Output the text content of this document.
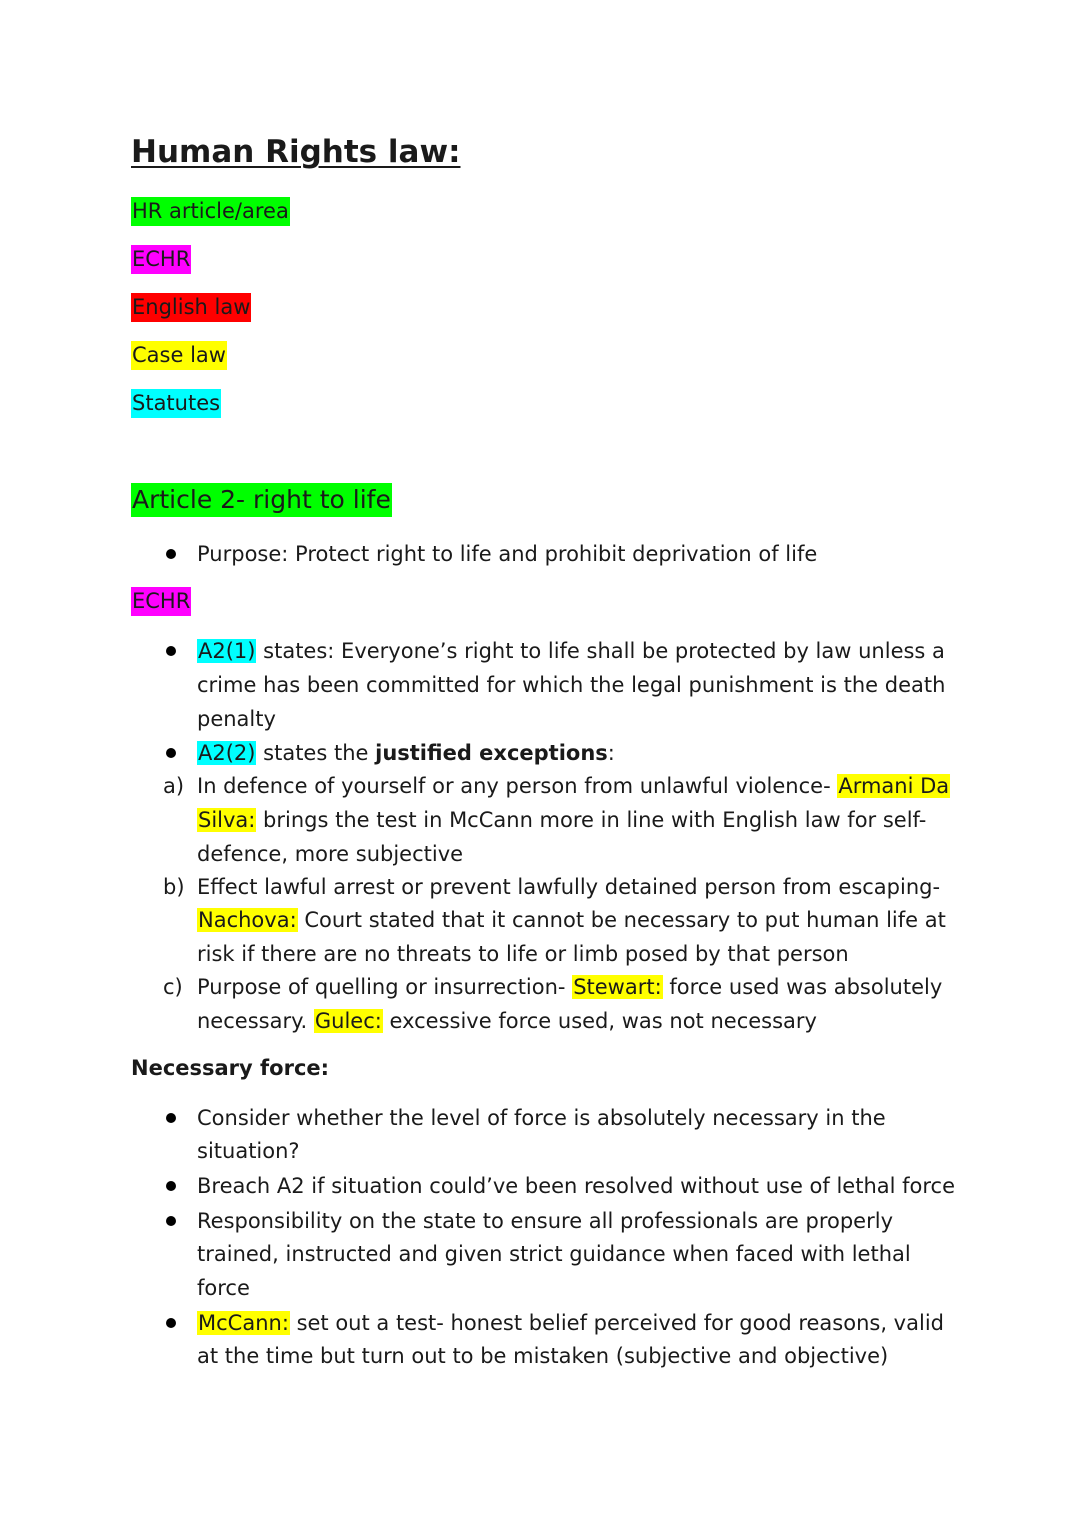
Human Rights law:
HR article/area
ECHR
English law
Case law
Statutes
Article 2- right to life
Purpose: Protect right to life and prohibit deprivation of life
ECHR
A2(1) states: Everyone’s right to life shall be protected by law unless a
crime has been committed for which the legal punishment is the death
penalty
A2(2) states the justified exceptions:
a) In defence of yourself or any person from unlawful violence- Armani Da
Silva: brings the test in McCann more in line with English law for self-
defence, more subjective
b) Effect lawful arrest or prevent lawfully detained person from escaping-
Nachova: Court stated that it cannot be necessary to put human life at
risk if there are no threats to life or limb posed by that person
c) Purpose of quelling or insurrection- Stewart: force used was absolutely
necessary. Gulec: excessive force used, was not necessary
Necessary force:
Consider whether the level of force is absolutely necessary in the
situation?
Breach A2 if situation could’ve been resolved without use of lethal force
Responsibility on the state to ensure all professionals are properly
trained, instructed and given strict guidance when faced with lethal
force
McCann: set out a test- honest belief perceived for good reasons, valid
at the time but turn out to be mistaken (subjective and objective)
